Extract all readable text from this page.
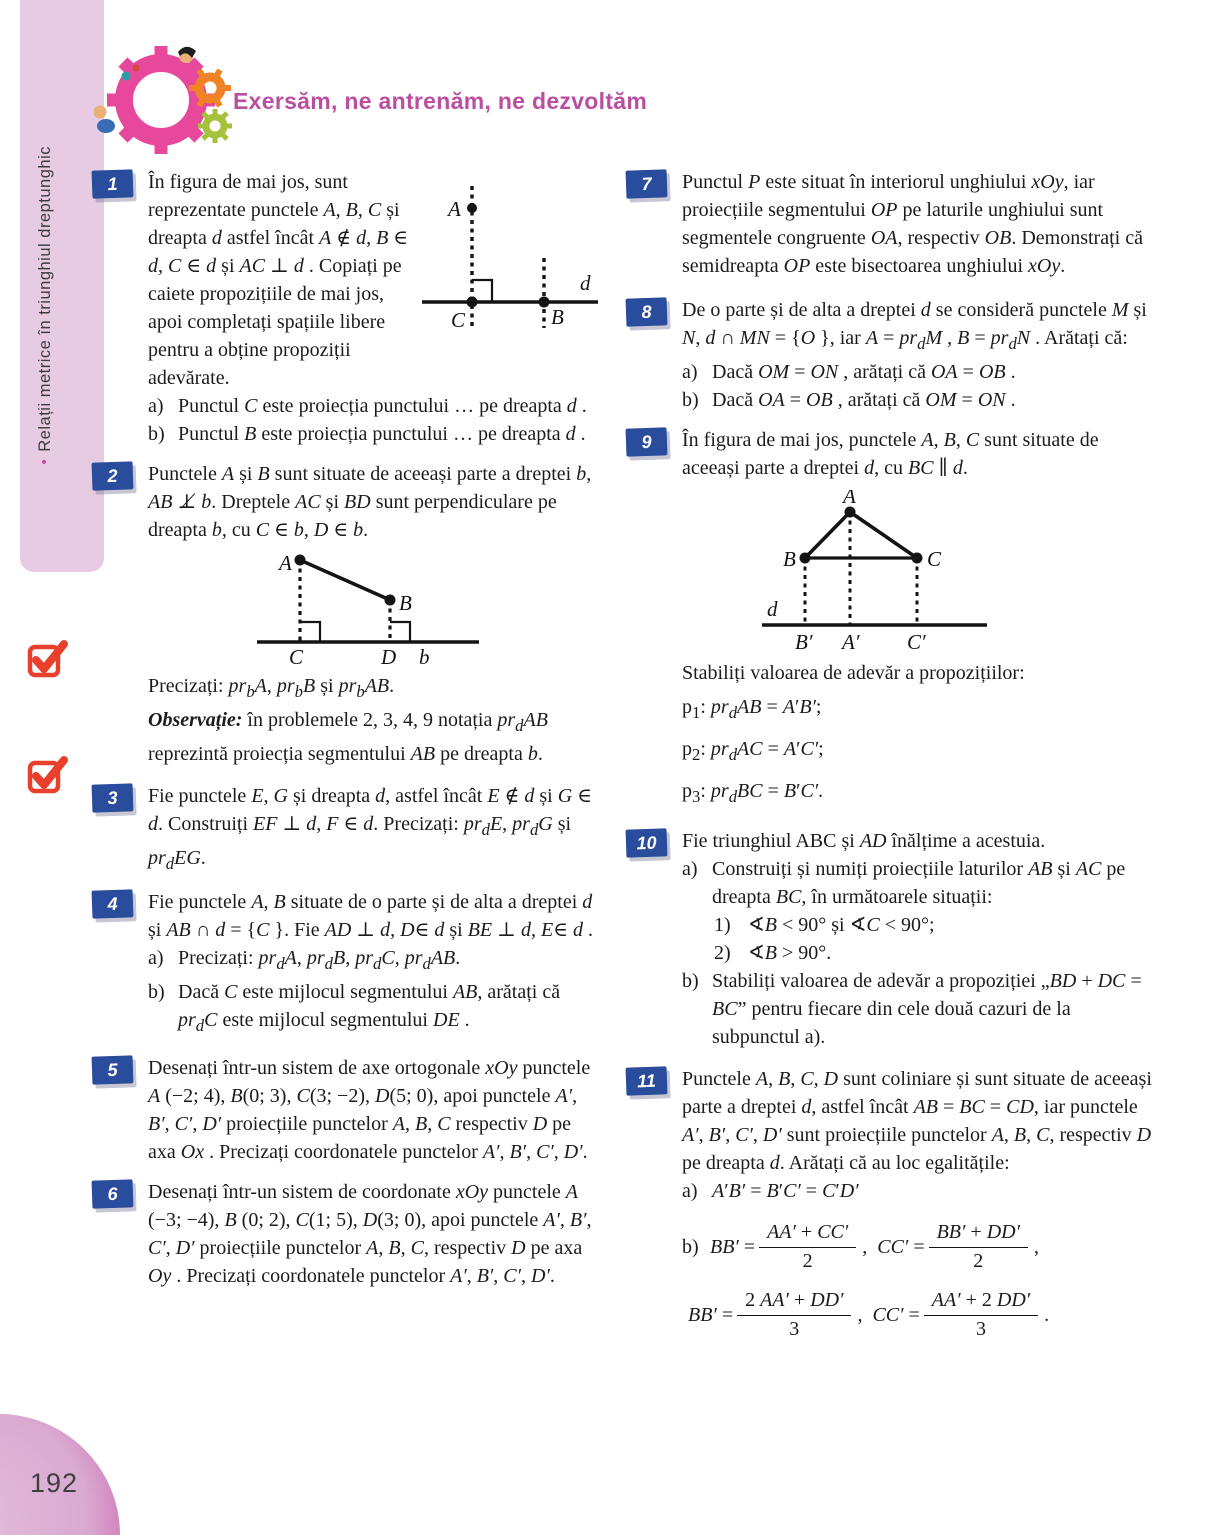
•Relații metrice în triunghiul dreptunghic
Exersăm, ne antrenăm, ne dezvoltăm
1
A
C	B
d

În figura de mai jos, sunt reprezentate punctele A, B, C și dreapta d astfel încât A ∉ d, B ∈ d, C ∈ d și AC ⊥ d . Copiați pe caiete propozițiile de mai jos, apoi completați spațiile libere pentru a obține propoziții adevărate.

a) Punctul C este proiecția punctului … pe dreapta d .

b) Punctul B este proiecția punctului … pe dreapta d .

2	Punctele A și B sunt situate de aceeași parte a dreptei b, AB ⊥̸ b. Dreptele AC și BD sunt perpendiculare pe dreapta b, cu C ∈ b, D ∈ b.

A
B
C	D b

Precizați: $pr_bA$, $pr_bB$ și $pr_bAB$.

Observație: în problemele 2, 3, 4, 9 notația $pr_dAB$ reprezintă proiecția segmentului AB pe dreapta b.

3	Fie punctele E, G și dreapta d, astfel încât E ∉ d și G ∈ d. Construiți EF ⊥ d, F ∈ d. Precizați: $pr_dE$, $pr_dG$ și $pr_dEG$.

4	Fie punctele A, B situate de o parte și de alta a dreptei d și AB ∩ d = {C }. Fie AD ⊥ d, D∈ d și BE ⊥ d, E∈ d .

a) Precizați: $pr_dA$, $pr_dB$, $pr_dC$, $pr_dAB$.

b) Dacă C este mijlocul segmentului AB, arătați că $pr_dC$ este mijlocul segmentului DE .

5	Desenați într-un sistem de axe ortogonale xOy punctele A (−2; 4), B(0; 3), C(3; −2), D(5; 0), apoi punctele A′, B′, C′, D′ proiecțiile punctelor A, B, C respectiv D pe axa Ox . Precizați coordonatele punctelor A′, B′, C′, D′.

6	Desenați într-un sistem de coordonate xOy punctele A (−3; −4), B (0; 2), C(1; 5), D(3; 0), apoi punctele A′, B′, C′, D′ proiecțiile punctelor A, B, C, respectiv D pe axa Oy . Precizați coordonatele punctelor A′, B′, C′, D′.

7	Punctul P este situat în interiorul unghiului xOy, iar proiecțiile segmentului OP pe laturile unghiului sunt segmentele congruente OA, respectiv OB. Demonstrați că semidreapta OP este bisectoarea unghiului xOy.

8	De o parte și de alta a dreptei d se consideră punctele M și N, d ∩ MN = {O }, iar $A = pr_dM$ , $B = pr_dN$ . Arătați că:

a) Dacă OM = ON , arătați că OA = OB .

b) Dacă OA = OB , arătați că OM = ON .

9	În figura de mai jos, punctele A, B, C sunt situate de aceeași parte a dreptei d, cu BC ∥ d.

A
B	C
d
B′ A′ C′

Stabiliți valoarea de adevăr a propozițiilor:

$p_1$: $pr_dAB = A'B'$;

$p_2$: $pr_dAC = A'C'$;

$p_3$: $pr_dBC = B'C'$.

10	Fie triunghiul ABC și AD înălțime a acestuia.

a) Construiți și numiți proiecțiile laturilor AB și AC pe dreapta BC, în următoarele situații:

1) ∢B < 90° și ∢C < 90°;

2) ∢B > 90°.

b) Stabiliți valoarea de adevăr a propoziției „BD + DC = BC” pentru fiecare din cele două cazuri de la subpunctul a).

11	Punctele A, B, C, D sunt coliniare și sunt situate de aceeași parte a dreptei d, astfel încât AB = BC = CD, iar punctele A′, B′, C′, D′ sunt proiecțiile punctelor A, B, C, respectiv D pe dreapta d. Arătați că au loc egalitățile:

a) A′B′ = B′C′ = C′D′

b) $BB' = \frac{AA' + CC'}{2}$ , $CC' = \frac{BB' + DD'}{2}$ ,
$BB' = \frac{2 AA' + DD'}{3}$ , $CC' = \frac{AA' + 2 DD'}{3}$ .
192
